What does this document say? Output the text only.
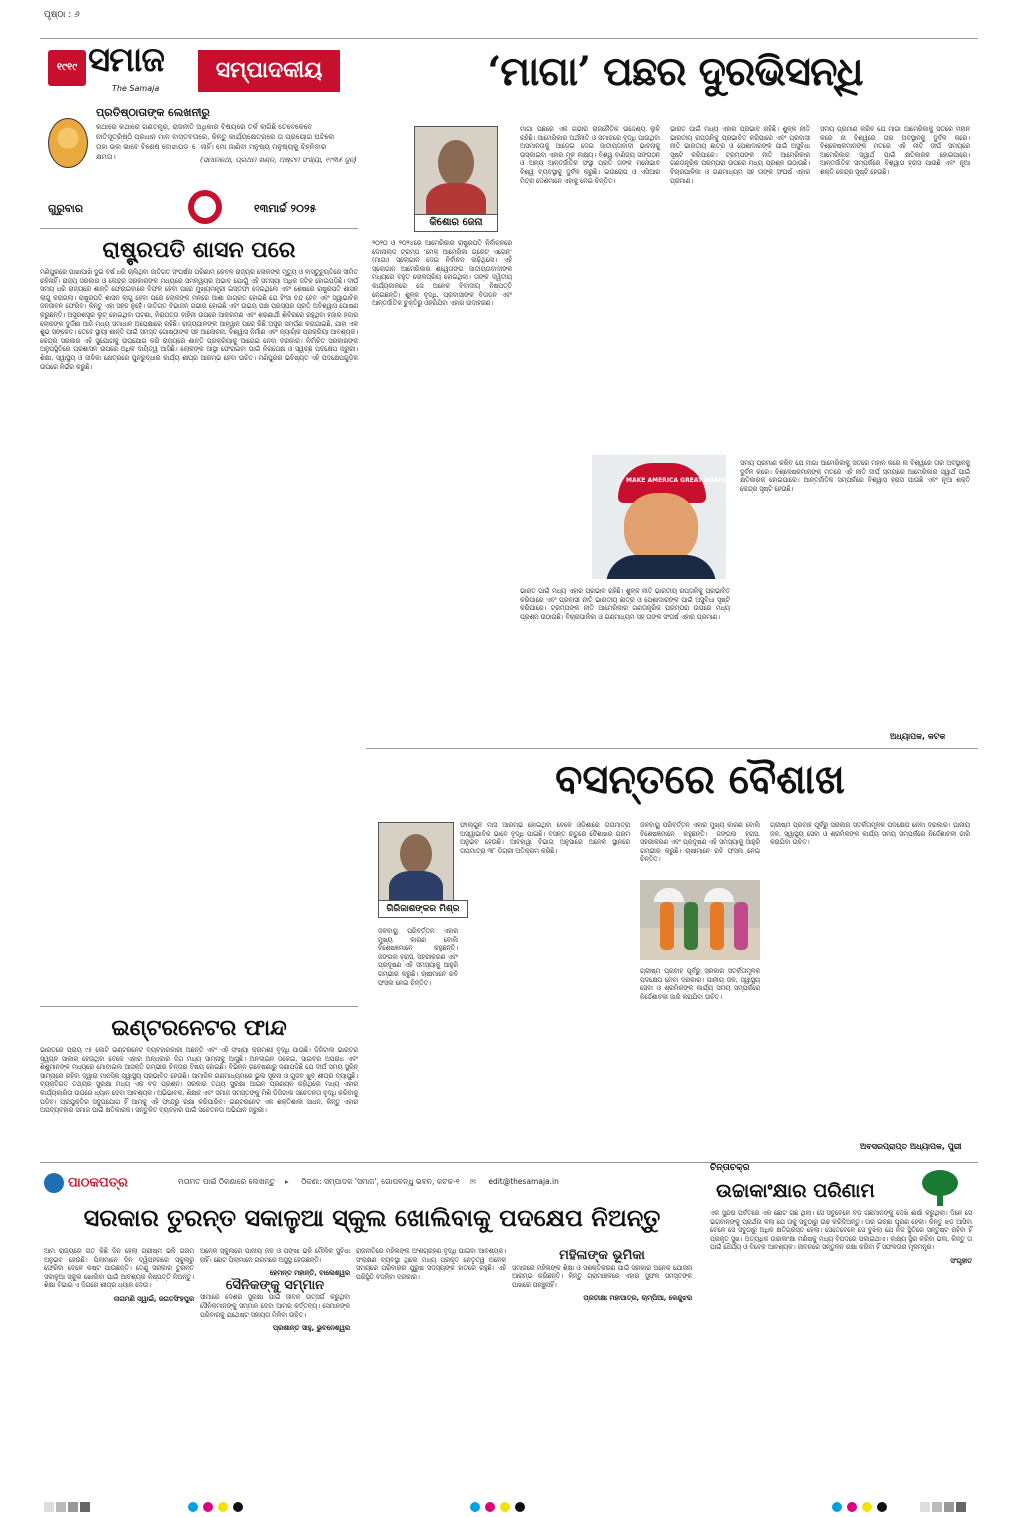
ପୃଷ୍ଠା : ୬
୧୯୧୯ ସମାଜ
The Samaja
ସମ୍ପାଦକୀୟ	‘ମାଗା’ ପଛର ଦୁରଭିସନ୍ଧି
ପ୍ରତିଷ୍ଠାତାଙ୍କ ଲେଖନୀରୁ
କଥାରେ କଥାରେ ଗଣତନ୍ତ୍ର, ରାଜନୀତି ଅଧିକାର ବିଷୟରେ ତର୍କ ଲାଗିଛି ତେବେକେବେ ନୀତିସୂତ୍ରିଷ୍ଠି ପ୍ରଧାନ ମାନ ବାସ୍ତବତାରେ, କିନ୍ତୁ କାର୍ଯ୍ୟକ୍ଷେତ୍ରରେ ତା ପ୍ରୟୋଗ ଘଟିଲେ ତାହା ଭଲ ଭାବେ ବିଶେଷ ବୋଝାପଡ଼ େନାହିଁ। ମୋ ଜାଣିବା ମନୁଷ୍ୟ ମନୁଷ୍ୟକୁ ଚିହ୍ନିବାର କ୍ଷମତା।	(ସମାଜକଥା, ପ୍ରଥମ ଖଣ୍ଡ, ଅଷ୍ଟମ ସଂଖ୍ୟା, ୧୯୩୫ ଜୁନ୍)
ଗୁରୁବାର	୧୩ମାର୍ଚ୍ଚ ୨୦୨୫
ରାଷ୍ଟ୍ରପତି ଶାସନ ପରେ
ମଣିପୁରରେ ପାଖାପାଖି ଦୁଇ ବର୍ଷ ଧରି ଚାଲିଥିବା ଜାତିଗତ ସଂଘର୍ଷର ପରିଣାମ କେବଳ ରାଜ୍ୟର ଲୋକଙ୍କ ମୃତ୍ୟୁ ଓ ବାସ୍ତୁଚ୍ୟୁତିରେ ସୀମିତ ରହିନାହିଁ। ରାଜ୍ୟ ସରକାର ଓ କେନ୍ଦ୍ର ସରକାରଙ୍କ ମଧ୍ୟରେ ସମନ୍ୱୟର ଅଭାବ ଯୋଗୁଁ ଏହି ସମସ୍ୟା ଅଧିକ ଜଟିଳ ହୋଇପଡ଼ିଛି। ଦୀର୍ଘ ସମୟ ଧରି ରାଜ୍ୟରେ ଶାନ୍ତି ଫେରାଇବାରେ ବିଫଳ ହେବା ପରେ ମୁଖ୍ୟମନ୍ତ୍ରୀ ଇସ୍ତଫା ଦେଇଥିଲେ ଏବଂ ଶେଷରେ ରାଷ୍ଟ୍ରପତି ଶାସନ ଲାଗୁ କରାଗଲା। ରାଷ୍ଟ୍ରପତି ଶାସନ ଲାଗୁ ହେବା ପରେ ଲୋକଙ୍କ ମନରେ ଆଶା ଜାଗ୍ରତ ହୋଇଛି ଯେ ହିଂସା ବନ୍ଦ ହେବ ଏବଂ ସ୍ୱାଭାବିକ ଜନଜୀବନ ଫେରିବ। କିନ୍ତୁ ଏହା ସହଜ ନୁହେଁ। ଜାତିଗତ ବିଭାଜନ ଗଭୀର ହୋଇଛି ଏବଂ ଉଭୟ ପକ୍ଷ ପରସ୍ପର ପ୍ରତି ଅବିଶ୍ୱାସ ପୋଷଣ କରୁଛନ୍ତି। ଅସ୍ତ୍ରଶସ୍ତ୍ର ଲୁଟ୍ ହୋଇଥିବା ଘଟଣା, ନିରାପତ୍ତା ବାହିନୀ ଉପରେ ଆକ୍ରମଣ ଏବଂ ଶରଣାର୍ଥୀ ଶିବିରରେ ରହୁଥିବା ହଜାର ହଜାର ଲୋକଙ୍କ ଦୁର୍ଦ୍ଦଶା ଆଜି ମଧ୍ୟ ସମାଧାନ ଅପେକ୍ଷାରେ ରହିଛି। ରାଜ୍ୟପାଳଙ୍କ ଆହ୍ୱାନ ପରେ କିଛି ଅସ୍ତ୍ର ସମର୍ପଣ କରାଯାଇଛି, ଯାହା ଏକ ଶୁଭ ସଙ୍କେତ। ତେବେ ସ୍ଥାୟୀ ଶାନ୍ତି ପାଇଁ ସମସ୍ତ ଗୋଷ୍ଠୀଙ୍କ ସହ ଆଲୋଚନା, ବିଶ୍ୱାସ ନିର୍ମାଣ ଏବଂ ନ୍ୟାୟିକ ପ୍ରକ୍ରିୟା ଆବଶ୍ୟକ। କେନ୍ଦ୍ର ସରକାର ଏହି ସୁଯୋଗକୁ ଉପଯୋଗ କରି ରାଜ୍ୟରେ ଶାନ୍ତି ପ୍ରକ୍ରିୟାକୁ ଆଗେଇ ନେବା ଦରକାର। ନିର୍ବାଚିତ ସରକାରଙ୍କ ଅନୁପସ୍ଥିତିରେ ପ୍ରଶାସନ ଉପରେ ଅଧିକ ଦାୟିତ୍ୱ ଆସିଛି। ଲୋକଙ୍କ ଆସ୍ଥା ଫେରାଇବା ପାଇଁ ନିରପେକ୍ଷ ଓ ସ୍ୱଚ୍ଛ ପଦକ୍ଷେପ ଜରୁରୀ। ଶିକ୍ଷା, ସ୍ୱାସ୍ଥ୍ୟ ଓ ଜୀବିକା କ୍ଷେତ୍ରରେ ପୁନରୁଦ୍ଧାର କାର୍ଯ୍ୟ ଶୀଘ୍ର ଆରମ୍ଭ ହେବା ଉଚିତ। ମଣିପୁରର ଭବିଷ୍ୟତ ଏହି ପଦକ୍ଷେପଗୁଡ଼ିକ ଉପରେ ନିର୍ଭର କରୁଛି।
ଇଣ୍ଟରନେଟର ଫାନ୍ଦ
ଭାରତରେ ପ୍ରାୟ ୯୫ କୋଟି ଇଣ୍ଟରନେଟ ବ୍ୟବହାରକାରୀ ଅଛନ୍ତି ଏବଂ ଏହି ସଂଖ୍ୟା କ୍ରମଶଃ ବୃଦ୍ଧି ପାଉଛି। ଡିଜିଟାଲ ଭାରତର ସ୍ୱପ୍ନ ସାକାର ହେଉଥିବା ବେଳେ ଏହାର ଅନ୍ଧକାର ଦିଗ ମଧ୍ୟ ସାମ୍ନାକୁ ଆସୁଛି। ଅନଲାଇନ ଠକେଇ, ସାଇବର ଅପରାଧ ଏବଂ ଶିଶୁମାନଙ୍କ ମଧ୍ୟରେ ମୋବାଇଲ ଆସକ୍ତି ଗମ୍ଭୀର ଚିନ୍ତାର ବିଷୟ ହୋଇଛି। ବିଭିନ୍ନ ଗବେଷଣାରୁ ଜଣାପଡ଼ିଛି ଯେ ଦୀର୍ଘ ସମୟ ସ୍କ୍ରିନ୍ ସାମ୍ନାରେ ରହିବା ଦ୍ୱାରା ମାନସିକ ସ୍ୱାସ୍ଥ୍ୟ ପ୍ରଭାବିତ ହେଉଛି। ସାମାଜିକ ଗଣମାଧ୍ୟମରେ ଭୁଲ ସୂଚନା ଓ ଗୁଜବ ଖୁବ୍ ଶୀଘ୍ର ବ୍ୟାପୁଛି। ବ୍ୟକ୍ତିଗତ ତଥ୍ୟର ସୁରକ୍ଷା ମଧ୍ୟ ଏକ ବଡ଼ ପ୍ରଶ୍ନ। ସରକାର ତଥ୍ୟ ସୁରକ୍ଷା ଆଇନ ପ୍ରଣୟନ କରିଥିଲେ ମଧ୍ୟ ଏହାର କାର୍ଯ୍ୟକାରିତା ଉପରେ ଧ୍ୟାନ ଦେବା ଆବଶ୍ୟକ। ଅଭିଭାବକ, ଶିକ୍ଷକ ଏବଂ ସମାଜ ସମସ୍ତଙ୍କୁ ମିଶି ଡିଜିଟାଲ ସଚେତନତା ବୃଦ୍ଧି କରିବାକୁ ପଡ଼ିବ। ପ୍ରଯୁକ୍ତିର ସଦୁପଯୋଗ ହିଁ ଆମକୁ ଏହି ଫାନ୍ଦରୁ ରକ୍ଷା କରିପାରିବ। ଇଣ୍ଟରନେଟ ଏକ ଶକ୍ତିଶାଳୀ ସାଧନ, କିନ୍ତୁ ଏହାର ଅପବ୍ୟବହାର ସମାଜ ପାଇଁ କ୍ଷତିକାରକ। ସନ୍ତୁଳିତ ବ୍ୟବହାର ପାଇଁ ସଚେତନତା ଅଭିଯାନ ଜରୁରୀ।
କିଶୋର ଜେନା
୨୦୨୦ ଓ ୨୦୨୪ରେ ଆମେରିକାର ରାଷ୍ଟ୍ରପତି ନିର୍ବାଚନରେ ଡୋନାଲ୍ଡ ଟ୍ରମ୍ପ ‘ମେକ୍ ଆମେରିକା ଗ୍ରେଟ୍ ଏଗେନ୍’ (ମାଗା) ସ୍ଲୋଗାନ ଦେଇ ନିର୍ବାଚନ ଲଢ଼ିଥିଲେ। ଏହି ସ୍ଲୋଗାନ ଆମେରିକାର ଶ୍ୱେତାଙ୍ଗ ଜାତୀୟତାବାଦୀଙ୍କ ମଧ୍ୟରେ ବହୁତ ଲୋକପ୍ରିୟ ହୋଇଥିଲା। ତାଙ୍କ ଦ୍ୱିତୀୟ କାର୍ଯ୍ୟକାଳରେ ସେ ଅନେକ ବିବାଦୀୟ ନିଷ୍ପତ୍ତି ନେଇଛନ୍ତି। ଶୁଳ୍କ ବୃଦ୍ଧି, ପ୍ରବାସୀଙ୍କ ବିତାଡ଼ନ ଏବଂ ଆନ୍ତର୍ଜାତିକ ଚୁକ୍ତିରୁ ଓହରିଯିବା ଏହାର ଉଦାହରଣ।
ମାଗା ପଛରେ ଏକ ଗଭୀର ରାଜନୈତିକ ଉଦ୍ଦେଶ୍ୟ ଲୁଚି ରହିଛି। ଆମେରିକାର ଅର୍ଥନୀତି ଓ ସମାଜରେ ବୃଦ୍ଧି ପାଉଥିବା ଅସମାନତାକୁ ଆଡ଼େଇ ଦେଇ ଜାତୀୟତାବାଦୀ ଭାବନାକୁ ଉସ୍କାଇବା ଏହାର ମୂଳ ଲକ୍ଷ୍ୟ। ବିଶ୍ୱ ବାଣିଜ୍ୟ ସଙ୍ଗଠନ ଓ ଅନ୍ୟ ଆନ୍ତର୍ଜାତିକ ସଂସ୍ଥା ପ୍ରତି ତାଙ୍କ ମନୋଭାବ ବିଶ୍ୱ ବ୍ୟବସ୍ଥାକୁ ଦୁର୍ବଳ କରୁଛି। ଇଉରୋପ ଓ ଏସିଆର ମିତ୍ର ଦେଶମାନେ ଏହାକୁ ନେଇ ଚିନ୍ତିତ।
ଭାରତ ପାଇଁ ମଧ୍ୟ ଏହାର ପ୍ରଭାବ ରହିଛି। ଶୁଳ୍କ ନୀତି ଭାରତୀୟ ରପ୍ତାନିକୁ ପ୍ରଭାବିତ କରିପାରେ ଏବଂ ପ୍ରବାସୀ ନୀତି ଭାରତୀୟ ଛାତ୍ର ଓ ପେଶାଦାରଙ୍କ ପାଇଁ ଅସୁବିଧା ସୃଷ୍ଟି କରିପାରେ। ଟ୍ରମ୍ପଙ୍କ ନୀତି ଆମେରିକାର ଗଣତାନ୍ତ୍ରିକ ପରମ୍ପରା ଉପରେ ମଧ୍ୟ ପ୍ରଶ୍ନ ଉଠାଉଛି। ବିଚାରପାଳିକା ଓ ଗଣମାଧ୍ୟମ ସହ ତାଙ୍କ ସଂଘର୍ଷ ଏହାର ପ୍ରମାଣ।
ଭାରତ ପାଇଁ ମଧ୍ୟ ଏହାର ପ୍ରଭାବ ରହିଛି। ଶୁଳ୍କ ନୀତି ଭାରତୀୟ ରପ୍ତାନିକୁ ପ୍ରଭାବିତ କରିପାରେ ଏବଂ ପ୍ରବାସୀ ନୀତି ଭାରତୀୟ ଛାତ୍ର ଓ ପେଶାଦାରଙ୍କ ପାଇଁ ଅସୁବିଧା ସୃଷ୍ଟି କରିପାରେ। ଟ୍ରମ୍ପଙ୍କ ନୀତି ଆମେରିକାର ଗଣତାନ୍ତ୍ରିକ ପରମ୍ପରା ଉପରେ ମଧ୍ୟ ପ୍ରଶ୍ନ ଉଠାଉଛି। ବିଚାରପାଳିକା ଓ ଗଣମାଧ୍ୟମ ସହ ତାଙ୍କ ସଂଘର୍ଷ ଏହାର ପ୍ରମାଣ।
ସମୟ ପ୍ରମାଣ କରିବ ଯେ ମାଗା ଆମେରିକାକୁ ସତରେ ମହାନ କରେ ନା ବିଶ୍ୱରେ ତାର ଅବସ୍ଥାନକୁ ଦୁର୍ବଳ କରେ। ବିଶ୍ଳେଷକମାନଙ୍କ ମତରେ ଏହି ନୀତି ଦୀର୍ଘ ସମୟରେ ଆମେରିକାର ସ୍ୱାର୍ଥ ପାଇଁ କ୍ଷତିକାରକ ହୋଇପାରେ। ଆନ୍ତର୍ଜାତିକ ସମ୍ପର୍କରେ ବିଶ୍ୱାସ ହ୍ରାସ ପାଉଛି ଏବଂ ନୂଆ ଶକ୍ତି କେନ୍ଦ୍ର ସୃଷ୍ଟି ହେଉଛି।
ସମୟ ପ୍ରମାଣ କରିବ ଯେ ମାଗା ଆମେରିକାକୁ ସତରେ ମହାନ କରେ ନା ବିଶ୍ୱରେ ତାର ଅବସ୍ଥାନକୁ ଦୁର୍ବଳ କରେ। ବିଶ୍ଳେଷକମାନଙ୍କ ମତରେ ଏହି ନୀତି ଦୀର୍ଘ ସମୟରେ ଆମେରିକାର ସ୍ୱାର୍ଥ ପାଇଁ କ୍ଷତିକାରକ ହୋଇପାରେ। ଆନ୍ତର୍ଜାତିକ ସମ୍ପର୍କରେ ବିଶ୍ୱାସ ହ୍ରାସ ପାଉଛି ଏବଂ ନୂଆ ଶକ୍ତି କେନ୍ଦ୍ର ସୃଷ୍ଟି ହେଉଛି।
ଅଧ୍ୟାପକ, କଟକ
MAKE AMERICA GREAT AGAIN
ବସନ୍ତରେ ବୈଶାଖ
ଗିରିଜାଶଙ୍କର ମିଶ୍ର
ଫାଲ୍ଗୁନ ମାସ ଆରମ୍ଭ ହୋଇଥିବା ବେଳେ ଓଡ଼ିଶାରେ ତାପମାତ୍ରା ଅସ୍ୱାଭାବିକ ଭାବେ ବୃଦ୍ଧି ପାଇଛି। ବସନ୍ତ ଋତୁରେ ବୈଶାଖର ଗରମ ଅନୁଭବ ହେଉଛି। ଆବହାୱା ବିଭାଗ ଅନୁସାରେ ଅନେକ ସ୍ଥାନରେ ତାପମାତ୍ରା ୩୮ ଡିଗ୍ରୀ ଅତିକ୍ରମ କରିଛି।
ଜଳବାୟୁ ପରିବର୍ତ୍ତନ ଏହାର ମୁଖ୍ୟ କାରଣ ବୋଲି ବିଶେଷଜ୍ଞମାନେ କହୁଛନ୍ତି। ଜଙ୍ଗଲ ହ୍ରାସ, ସହରୀକରଣ ଏବଂ ପ୍ରଦୂଷଣ ଏହି ସମସ୍ୟାକୁ ଆହୁରି ଗମ୍ଭୀର କରୁଛି। ଚାଷୀମାନେ ରବି ଫସଲ ନେଇ ଚିନ୍ତିତ।
ଜଳବାୟୁ ପରିବର୍ତ୍ତନ ଏହାର ମୁଖ୍ୟ କାରଣ ବୋଲି ବିଶେଷଜ୍ଞମାନେ କହୁଛନ୍ତି। ଜଙ୍ଗଲ ହ୍ରାସ, ସହରୀକରଣ ଏବଂ ପ୍ରଦୂଷଣ ଏହି ସମସ୍ୟାକୁ ଆହୁରି ଗମ୍ଭୀର କରୁଛି। ଚାଷୀମାନେ ରବି ଫସଲ ନେଇ ଚିନ୍ତିତ।
ଗ୍ରୀଷ୍ମ ପ୍ରବାହ ପୂର୍ବରୁ ସରକାର ସତର୍କତାମୂଳକ ପଦକ୍ଷେପ ନେବା ଦରକାର। ପାନୀୟ ଜଳ, ସ୍ୱାସ୍ଥ୍ୟ ସେବା ଓ ଶ୍ରମିକଙ୍କ କାର୍ଯ୍ୟ ସମୟ ସମ୍ପର୍କରେ ନିର୍ଦ୍ଦେଶାବଳୀ ଜାରି କରାଯିବା ଉଚିତ।
ଗ୍ରୀଷ୍ମ ପ୍ରବାହ ପୂର୍ବରୁ ସରକାର ସତର୍କତାମୂଳକ ପଦକ୍ଷେପ ନେବା ଦରକାର। ପାନୀୟ ଜଳ, ସ୍ୱାସ୍ଥ୍ୟ ସେବା ଓ ଶ୍ରମିକଙ୍କ କାର୍ଯ୍ୟ ସମୟ ସମ୍ପର୍କରେ ନିର୍ଦ୍ଦେଶାବଳୀ ଜାରି କରାଯିବା ଉଚିତ।
ଅବସରପ୍ରାପ୍ତ ଅଧ୍ୟାପକ, ପୁରୀ
ପାଠକପତ୍ର	ମତାମତ ପାଇଁ ଠିକଣାରେ ଲେଖନ୍ତୁ ▸ ଠିକଣା: ସମ୍ପାଦକ 'ସମାଜ', ଗୋପବନ୍ଧୁ ଭବନ, କଟକ-୧ ✉ edit@thesamaja.in
ସରକାର ତୁରନ୍ତ ସକାଳୁଆ ସ୍କୁଲ ଖୋଲିବାକୁ ପଦକ୍ଷେପ ନିଅନ୍ତୁ
ଆମ ରାଜ୍ୟରେ ଗତ କିଛି ଦିନ ହେଲା ଗ୍ରୀଷ୍ମ ଭଳି ଗରମ ଅନୁଭବ ହେଉଛି। ପିଲାମାନେ ଦିନ ଦ୍ୱିପହରରେ ସ୍କୁଲରୁ ଫେରିବା ବେଳେ କଷ୍ଟ ପାଉଛନ୍ତି। ତେଣୁ ସରକାର ତୁରନ୍ତ ସକାଳୁଆ ସ୍କୁଲ ଖୋଲିବା ପାଇଁ ଆବଶ୍ୟକ ନିଷ୍ପତ୍ତି ନିଅନ୍ତୁ। ଶିକ୍ଷା ବିଭାଗ ଏ ଦିଗରେ ଶୀଘ୍ର ଧ୍ୟାନ ଦେଉ।
ନାଗମଣି ସ୍ୱାଇଁ, ଜଗତସିଂହପୁର
ଅନେକ ସ୍କୁଲରେ ପାନୀୟ ଜଳ ଓ ପଙ୍ଖା ଭଳି ମୌଳିକ ସୁବିଧା ନାହିଁ। ଛୋଟ ପିଲାମାନେ ଗରମରେ ଅସୁସ୍ଥ ହେଉଛନ୍ତି।
ହେମନ୍ତ ମହାନ୍ତି, ବାଲେଶ୍ୱର
ସୈନିକଙ୍କୁ ସମ୍ମାନ
ସୀମାରେ ଦେଶର ସୁରକ୍ଷା ପାଇଁ ଜୀବନ ଉତ୍ସର୍ଗ କରୁଥିବା ସୈନିକମାନଙ୍କୁ ସମ୍ମାନ ଦେବା ଆମର କର୍ତ୍ତବ୍ୟ। ସେମାନଙ୍କ ପରିବାରକୁ ଯଥେଷ୍ଟ ସହାୟତା ମିଳିବା ଉଚିତ।
ପ୍ରଶାନ୍ତ ସାହୁ, ଭୁବନେଶ୍ୱର
ରାଜନୀତିରେ ମହିଳାଙ୍କ ଅଂଶଗ୍ରହଣ ବୃଦ୍ଧି ପାଇବା ଆବଶ୍ୟକ। ସଂରକ୍ଷଣ ବ୍ୟବସ୍ଥା ଥିଲେ ମଧ୍ୟ ପ୍ରକୃତ ନେତୃତ୍ୱ ଅନେକ ସମୟରେ ପରିବାରର ପୁରୁଷ ସଦସ୍ୟଙ୍କ ହାତରେ ରହୁଛି। ଏହି ପରିସ୍ଥିତି ବଦଳିବା ଦରକାର।
ମହିଳାଙ୍କ ଭୂମିକା
ସମାଜରେ ମହିଳାଙ୍କ ଶିକ୍ଷା ଓ ସଶକ୍ତିକରଣ ପାଇଁ ସରକାର ଅନେକ ଯୋଜନା ଆରମ୍ଭ କରିଛନ୍ତି। କିନ୍ତୁ ଗ୍ରାମାଞ୍ଚଳରେ ଏହାର ସୁଫଳ ସମସ୍ତଙ୍କ ପାଖରେ ପହଞ୍ଚୁନାହିଁ।
ପ୍ରତୀକ୍ଷା ମହାପାତ୍ର, ଚାମ୍ପିଆ, କେନ୍ଦୁଝର
ଚିନ୍ତାଚକ୍ର
ଉଚ୍ଚାକାଂକ୍ଷାର ପରିଣାମ
ଏକ ସୁନ୍ଦର ପର୍ବତରେ ଏକ ଛୋଟ ଗଛ ଥିଲା। ସେ ସବୁବେଳେ ବଡ଼ ଗଛମାନଙ୍କୁ ଦେଖି ଈର୍ଷା କରୁଥିଲା। ଦିନେ ସେ ଭଗବାନଙ୍କୁ ପ୍ରାର୍ଥନା କଲା ଯେ ତାକୁ ସବୁଠାରୁ ଉଚ୍ଚ କରିଦିଅନ୍ତୁ। ତାର ଇଚ୍ଛା ପୂରଣ ହେଲା। କିନ୍ତୁ ଝଡ଼ ଆସିବା ବେଳେ ସେ ସବୁଠାରୁ ଅଧିକ କ୍ଷତିଗ୍ରସ୍ତ ହେଲା। ସେତେବେଳେ ସେ ବୁଝିଲା ଯେ ନିଜ ସ୍ଥିତିରେ ସନ୍ତୁଷ୍ଟ ରହିବା ହିଁ ପ୍ରକୃତ ସୁଖ। ଅତ୍ୟଧିକ ଉଚ୍ଚାକାଂକ୍ଷା ମଣିଷକୁ ମଧ୍ୟ ବିପଦରେ ପକାଇଥାଏ। ଲକ୍ଷ୍ୟ ସ୍ଥିର କରିବା ଭଲ, କିନ୍ତୁ ତା ପାଇଁ ଧୈର୍ଯ୍ୟ ଓ ବିବେକ ଆବଶ୍ୟକ। ଜୀବନରେ ସନ୍ତୁଳନ ରକ୍ଷା କରିବା ହିଁ ସଫଳତାର ମୂଳମନ୍ତ୍ର।
ସଂଗୃହୀତ
